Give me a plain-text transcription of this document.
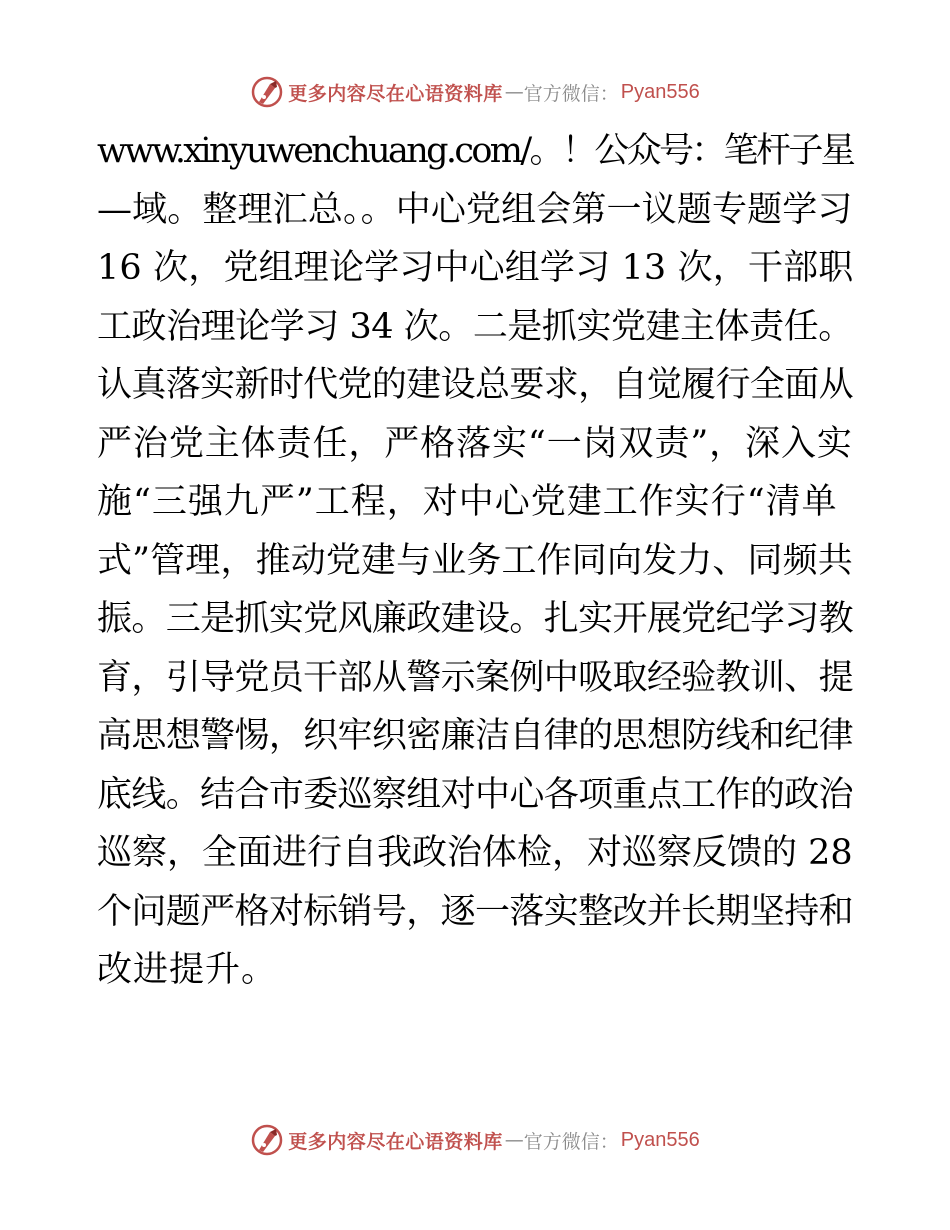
更多内容尽在心语资料库 — 官方微信： Pyan556
www.xinyuwenchuang.com/。！公众号：笔杆子星
—域。整理汇总。。中心党组会第一议题专题学习
16 次，党组理论学习中心组学习 13 次，干部职
工政治理论学习 34 次。二是抓实党建主体责任。
认真落实新时代党的建设总要求，自觉履行全面从
严治党主体责任，严格落实“一岗双责”，深入实
施“三强九严”工程，对中心党建工作实行“清单
式”管理，推动党建与业务工作同向发力、同频共
振。三是抓实党风廉政建设。扎实开展党纪学习教
育，引导党员干部从警示案例中吸取经验教训、提
高思想警惕，织牢织密廉洁自律的思想防线和纪律
底线。结合市委巡察组对中心各项重点工作的政治
巡察，全面进行自我政治体检，对巡察反馈的 28
个问题严格对标销号，逐一落实整改并长期坚持和
改进提升。
更多内容尽在心语资料库 — 官方微信： Pyan556
